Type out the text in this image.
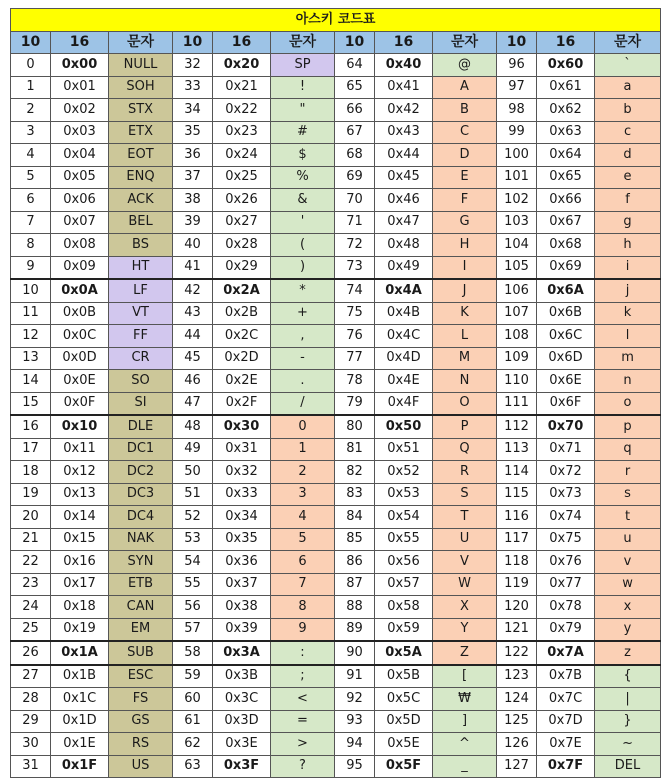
아스키 코드표											
10	16	문자	10	16	문자	10	16	문자	10	16	문자
0	0x00	NULL	32	0x20	SP	64	0x40	@	96	0x60	`
1	0x01	SOH	33	0x21	!	65	0x41	A	97	0x61	a
2	0x02	STX	34	0x22	"	66	0x42	B	98	0x62	b
3	0x03	ETX	35	0x23	#	67	0x43	C	99	0x63	c
4	0x04	EOT	36	0x24	$	68	0x44	D	100	0x64	d
5	0x05	ENQ	37	0x25	%	69	0x45	E	101	0x65	e
6	0x06	ACK	38	0x26	&	70	0x46	F	102	0x66	f
7	0x07	BEL	39	0x27	'	71	0x47	G	103	0x67	g
8	0x08	BS	40	0x28	(	72	0x48	H	104	0x68	h
9	0x09	HT	41	0x29	)	73	0x49	I	105	0x69	i
10	0x0A	LF	42	0x2A	*	74	0x4A	J	106	0x6A	j
11	0x0B	VT	43	0x2B	+	75	0x4B	K	107	0x6B	k
12	0x0C	FF	44	0x2C	,	76	0x4C	L	108	0x6C	l
13	0x0D	CR	45	0x2D	-	77	0x4D	M	109	0x6D	m
14	0x0E	SO	46	0x2E	.	78	0x4E	N	110	0x6E	n
15	0x0F	SI	47	0x2F	/	79	0x4F	O	111	0x6F	o
16	0x10	DLE	48	0x30	0	80	0x50	P	112	0x70	p
17	0x11	DC1	49	0x31	1	81	0x51	Q	113	0x71	q
18	0x12	DC2	50	0x32	2	82	0x52	R	114	0x72	r
19	0x13	DC3	51	0x33	3	83	0x53	S	115	0x73	s
20	0x14	DC4	52	0x34	4	84	0x54	T	116	0x74	t
21	0x15	NAK	53	0x35	5	85	0x55	U	117	0x75	u
22	0x16	SYN	54	0x36	6	86	0x56	V	118	0x76	v
23	0x17	ETB	55	0x37	7	87	0x57	W	119	0x77	w
24	0x18	CAN	56	0x38	8	88	0x58	X	120	0x78	x
25	0x19	EM	57	0x39	9	89	0x59	Y	121	0x79	y
26	0x1A	SUB	58	0x3A	:	90	0x5A	Z	122	0x7A	z
27	0x1B	ESC	59	0x3B	;	91	0x5B	[	123	0x7B	{
28	0x1C	FS	60	0x3C	<	92	0x5C	₩	124	0x7C	|
29	0x1D	GS	61	0x3D	=	93	0x5D	]	125	0x7D	}
30	0x1E	RS	62	0x3E	>	94	0x5E	^	126	0x7E	~
31	0x1F	US	63	0x3F	?	95	0x5F	_	127	0x7F	DEL
